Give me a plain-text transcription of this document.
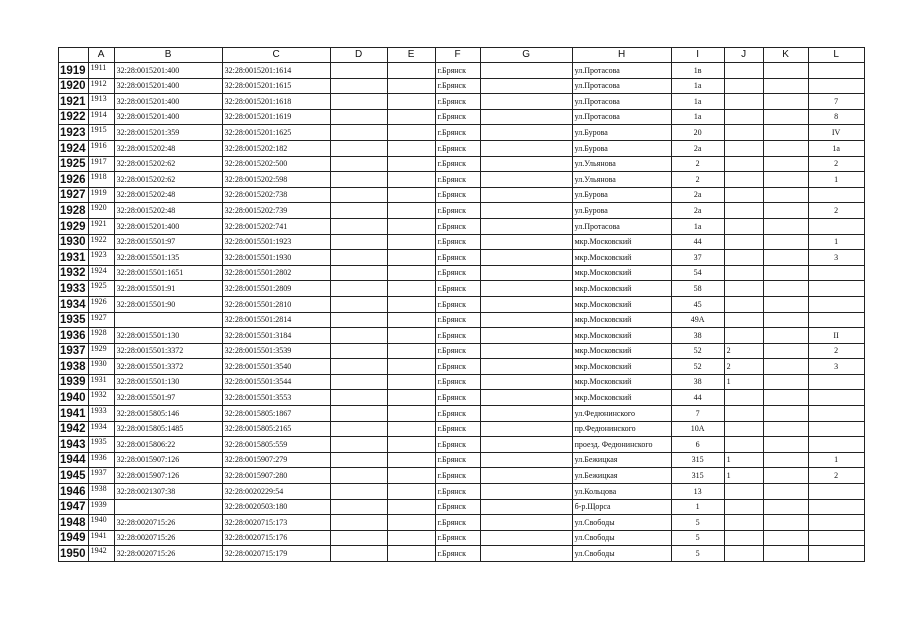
	A	B	C	D	E	F	G	H	I	J	K	L
1919	1911	32:28:0015201:400	32:28:0015201:1614			г.Брянск		ул.Протасова	1в			
1920	1912	32:28:0015201:400	32:28:0015201:1615			г.Брянск		ул.Протасова	1а			
1921	1913	32:28:0015201:400	32:28:0015201:1618			г.Брянск		ул.Протасова	1а			7
1922	1914	32:28:0015201:400	32:28:0015201:1619			г.Брянск		ул.Протасова	1а			8
1923	1915	32:28:0015201:359	32:28:0015201:1625			г.Брянск		ул.Бурова	20			IV
1924	1916	32:28:0015202:48	32:28:0015202:182			г.Брянск		ул.Бурова	2а			1а
1925	1917	32:28:0015202:62	32:28:0015202:500			г.Брянск		ул.Ульянова	2			2
1926	1918	32:28:0015202:62	32:28:0015202:598			г.Брянск		ул.Ульянова	2			1
1927	1919	32:28:0015202:48	32:28:0015202:738			г.Брянск		ул.Бурова	2а			
1928	1920	32:28:0015202:48	32:28:0015202:739			г.Брянск		ул.Бурова	2а			2
1929	1921	32:28:0015201:400	32:28:0015202:741			г.Брянск		ул.Протасова	1а			
1930	1922	32:28:0015501:97	32:28:0015501:1923			г.Брянск		мкр.Московский	44			1
1931	1923	32:28:0015501:135	32:28:0015501:1930			г.Брянск		мкр.Московский	37			3
1932	1924	32:28:0015501:1651	32:28:0015501:2802			г.Брянск		мкр.Московский	54			
1933	1925	32:28:0015501:91	32:28:0015501:2809			г.Брянск		мкр.Московский	58			
1934	1926	32:28:0015501:90	32:28:0015501:2810			г.Брянск		мкр.Московский	45			
1935	1927		32:28:0015501:2814			г.Брянск		мкр.Московский	49А			
1936	1928	32:28:0015501:130	32:28:0015501:3184			г.Брянск		мкр.Московский	38			II
1937	1929	32:28:0015501:3372	32:28:0015501:3539			г.Брянск		мкр.Московский	52	2		2
1938	1930	32:28:0015501:3372	32:28:0015501:3540			г.Брянск		мкр.Московский	52	2		3
1939	1931	32:28:0015501:130	32:28:0015501:3544			г.Брянск		мкр.Московский	38	1		
1940	1932	32:28:0015501:97	32:28:0015501:3553			г.Брянск		мкр.Московский	44			
1941	1933	32:28:0015805:146	32:28:0015805:1867			г.Брянск		ул.Федюнинского	7			
1942	1934	32:28:0015805:1485	32:28:0015805:2165			г.Брянск		пр.Федюнинского	10А			
1943	1935	32:28:0015806:22	32:28:0015805:559			г.Брянск		проезд. Федюнинского	6			
1944	1936	32:28:0015907:126	32:28:0015907:279			г.Брянск		ул.Бежицкая	315	1		1
1945	1937	32:28:0015907:126	32:28:0015907:280			г.Брянск		ул.Бежицкая	315	1		2
1946	1938	32:28:0021307:38	32:28:0020229:54			г.Брянск		ул.Кольцова	13			
1947	1939		32:28:0020503:180			г.Брянск		б-р.Щорса	1			
1948	1940	32:28:0020715:26	32:28:0020715:173			г.Брянск		ул.Свободы	5			
1949	1941	32:28:0020715:26	32:28:0020715:176			г.Брянск		ул.Свободы	5			
1950	1942	32:28:0020715:26	32:28:0020715:179			г.Брянск		ул.Свободы	5			
